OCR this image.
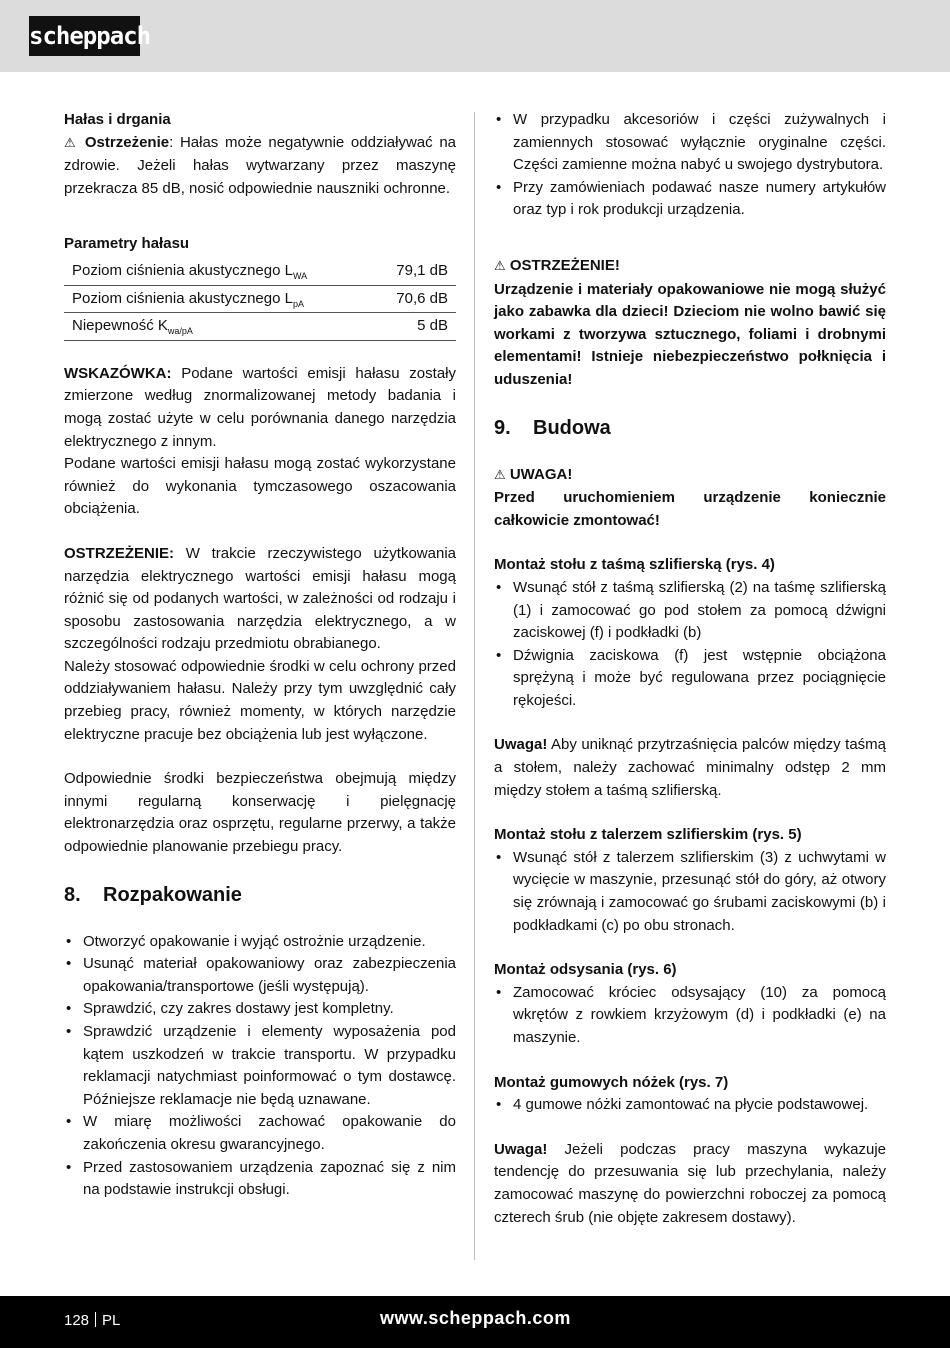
scheppach
Hałas i drgania

⚠ Ostrzeżenie: Hałas może negatywnie oddziaływać na zdrowie. Jeżeli hałas wytwarzany przez maszynę przekracza 85 dB, nosić odpowiednie nauszniki ochronne.

Parametry hałasu
Poziom ciśnienia akustycznego $L_{WA}$	79,1 dB
Poziom ciśnienia akustycznego $L_{pA}$	70,6 dB
Niepewność $K_{wa/pA}$	5 dB

WSKAZÓWKA: Podane wartości emisji hałasu zostały zmierzone według znormalizowanej metody badania i mogą zostać użyte w celu porównania danego narzędzia elektrycznego z innym.

Podane wartości emisji hałasu mogą zostać wykorzystane również do wykonania tymczasowego oszacowania obciążenia.

OSTRZEŻENIE: W trakcie rzeczywistego użytkowania narzędzia elektrycznego wartości emisji hałasu mogą różnić się od podanych wartości, w zależności od rodzaju i sposobu zastosowania narzędzia elektrycznego, a w szczególności rodzaju przedmiotu obrabianego.

Należy stosować odpowiednie środki w celu ochrony przed oddziaływaniem hałasu. Należy przy tym uwzględnić cały przebieg pracy, również momenty, w których narzędzie elektryczne pracuje bez obciążenia lub jest wyłączone.

Odpowiednie środki bezpieczeństwa obejmują między innymi regularną konserwację i pielęgnację elektronarzędzia oraz osprzętu, regularne przerwy, a także odpowiednie planowanie przebiegu pracy.

8. Rozpakowanie
• Otworzyć opakowanie i wyjąć ostrożnie urządzenie.
• Usunąć materiał opakowaniowy oraz zabezpieczenia opakowania/transportowe (jeśli występują).
• Sprawdzić, czy zakres dostawy jest kompletny.
• Sprawdzić urządzenie i elementy wyposażenia pod kątem uszkodzeń w trakcie transportu. W przypadku reklamacji natychmiast poinformować o tym dostawcę. Późniejsze reklamacje nie będą uznawane.
• W miarę możliwości zachować opakowanie do zakończenia okresu gwarancyjnego.
• Przed zastosowaniem urządzenia zapoznać się z nim na podstawie instrukcji obsługi.
• W przypadku akcesoriów i części zużywalnych i zamiennych stosować wyłącznie oryginalne części. Części zamienne można nabyć u swojego dystrybutora.
• Przy zamówieniach podawać nasze numery artykułów oraz typ i rok produkcji urządzenia.
⚠ OSTRZEŻENIE!

Urządzenie i materiały opakowaniowe nie mogą służyć jako zabawka dla dzieci! Dzieciom nie wolno bawić się workami z tworzywa sztucznego, foliami i drobnymi elementami! Istnieje niebezpieczeństwo połknięcia i uduszenia!

9. Budowa
⚠ UWAGA!

Przed uruchomieniem urządzenie koniecznie całkowicie zmontować!

Montaż stołu z taśmą szlifierską (rys. 4)
• Wsunąć stół z taśmą szlifierską (2) na taśmę szlifierską (1) i zamocować go pod stołem za pomocą dźwigni zaciskowej (f) i podkładki (b)
• Dźwignia zaciskowa (f) jest wstępnie obciążona sprężyną i może być regulowana przez pociągnięcie rękojeści.

Uwaga! Aby uniknąć przytrzaśnięcia palców między taśmą a stołem, należy zachować minimalny odstęp 2 mm między stołem a taśmą szlifierską.

Montaż stołu z talerzem szlifierskim (rys. 5)
• Wsunąć stół z talerzem szlifierskim (3) z uchwytami w wycięcie w maszynie, przesunąć stół do góry, aż otwory się zrównają i zamocować go śrubami zaciskowymi (b) i podkładkami (c) po obu stronach.
Montaż odsysania (rys. 6)
• Zamocować króciec odsysający (10) za pomocą wkrętów z rowkiem krzyżowym (d) i podkładki (e) na maszynie.
Montaż gumowych nóżek (rys. 7)
• 4 gumowe nóżki zamontować na płycie podstawowej.

Uwaga! Jeżeli podczas pracy maszyna wykazuje tendencję do przesuwania się lub przechylania, należy zamocować maszynę do powierzchni roboczej za pomocą czterech śrub (nie objęte zakresem dostawy).

128 PL	www.scheppach.com
